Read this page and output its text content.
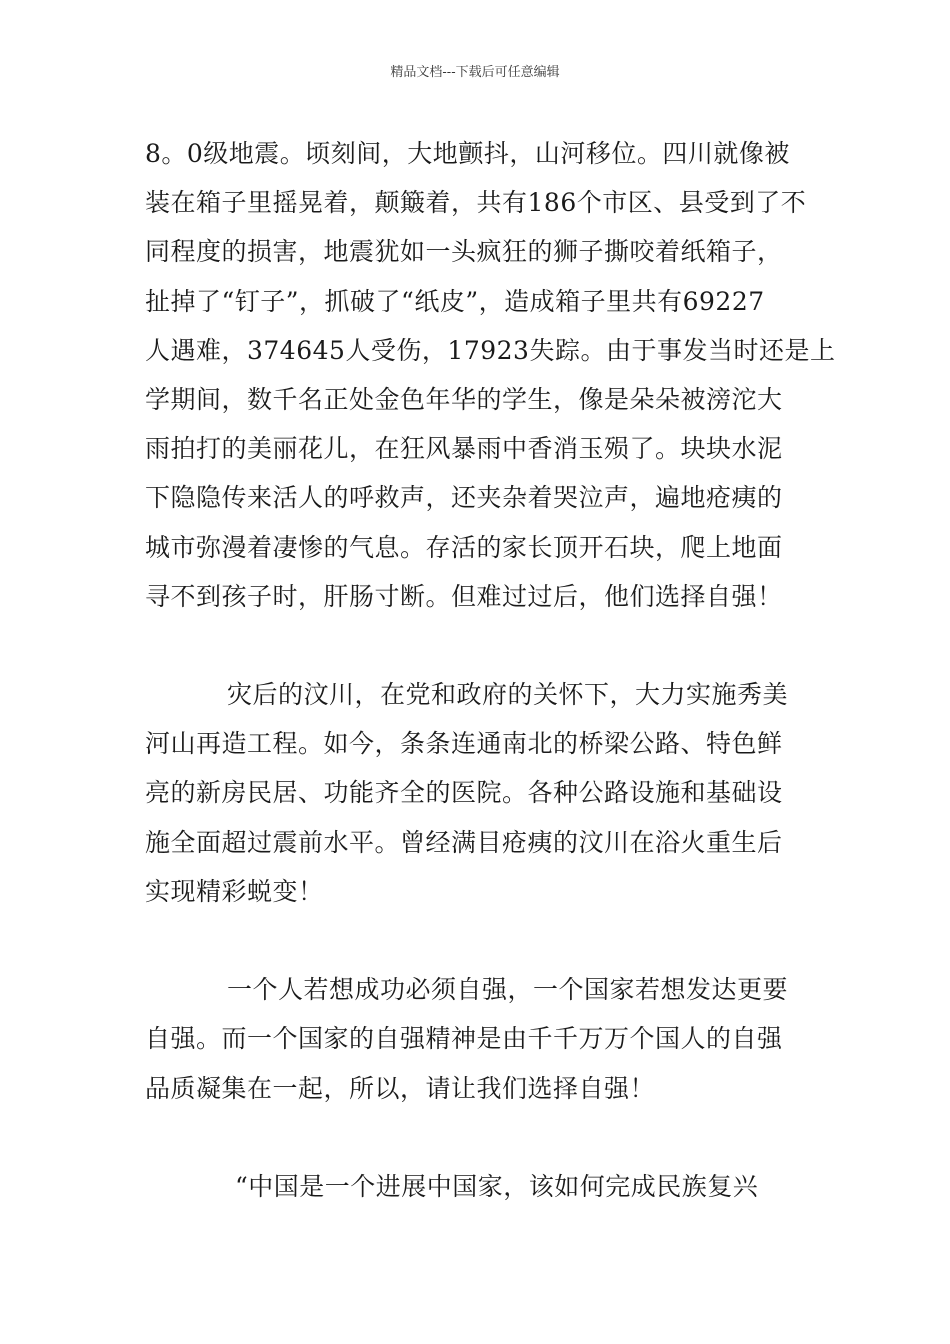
精品文档---下载后可任意编辑
8。0级地震。顷刻间，大地颤抖，山河移位。四川就像被
装在箱子里摇晃着，颠簸着，共有186个市区、县受到了不
同程度的损害，地震犹如一头疯狂的狮子撕咬着纸箱子，
扯掉了“钉子”，抓破了“纸皮”，造成箱子里共有69227
人遇难，374645人受伤，17923失踪。由于事发当时还是上
学期间，数千名正处金色年华的学生，像是朵朵被滂沱大
雨拍打的美丽花儿，在狂风暴雨中香消玉殒了。块块水泥
下隐隐传来活人的呼救声，还夹杂着哭泣声，遍地疮痍的
城市弥漫着凄惨的气息。存活的家长顶开石块，爬上地面
寻不到孩子时，肝肠寸断。但难过过后，他们选择自强！
灾后的汶川，在党和政府的关怀下，大力实施秀美
河山再造工程。如今，条条连通南北的桥梁公路、特色鲜
亮的新房民居、功能齐全的医院。各种公路设施和基础设
施全面超过震前水平。曾经满目疮痍的汶川在浴火重生后
实现精彩蜕变！
一个人若想成功必须自强，一个国家若想发达更要
自强。而一个国家的自强精神是由千千万万个国人的自强
品质凝集在一起，所以，请让我们选择自强！
“中国是一个进展中国家，该如何完成民族复兴
